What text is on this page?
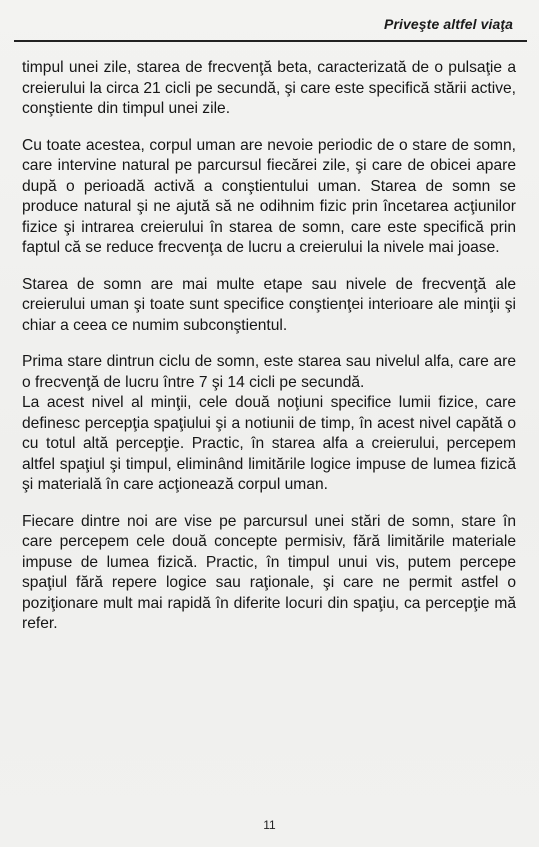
Priveşte altfel viaţa

timpul unei zile, starea de frecvenţă beta, caracterizată de o pulsaţie a creierului la circa 21 cicli pe secundă, şi care este specifică stării active, conştiente din timpul unei zile.

Cu toate acestea, corpul uman are nevoie periodic de o stare de somn, care intervine natural pe parcursul fiecărei zile, şi care de obicei apare după o perioadă activă a conştientului uman. Starea de somn se produce natural şi ne ajută să ne odihnim fizic prin încetarea acţiunilor fizice şi intrarea creierului în starea de somn, care este specifică prin faptul că se reduce frecvenţa de lucru a creierului la nivele mai joase.

Starea de somn are mai multe etape sau nivele de frecvenţă ale creierului uman şi toate sunt specifice conştienţei interioare ale minţii şi chiar a ceea ce numim subconştientul.

Prima stare dintrun ciclu de somn, este starea sau nivelul alfa, care are o frecvenţă de lucru între 7 şi 14 cicli pe secundă.

La acest nivel al minţii, cele două noţiuni specifice lumii fizice, care definesc percepţia spaţiului şi a notiunii de timp, în acest nivel capătă o cu totul altă percepţie. Practic, în starea alfa a creierului, percepem altfel spaţiul şi timpul, eliminând limitările logice impuse de lumea fizică şi materială în care acţionează corpul uman.

Fiecare dintre noi are vise pe parcursul unei stări de somn, stare în care percepem cele două concepte permisiv, fără limitările materiale impuse de lumea fizică. Practic, în timpul unui vis, putem percepe spaţiul fără repere logice sau raţionale, şi care ne permit astfel o poziţionare mult mai rapidă în diferite locuri din spaţiu, ca percepţie mă refer.

11
